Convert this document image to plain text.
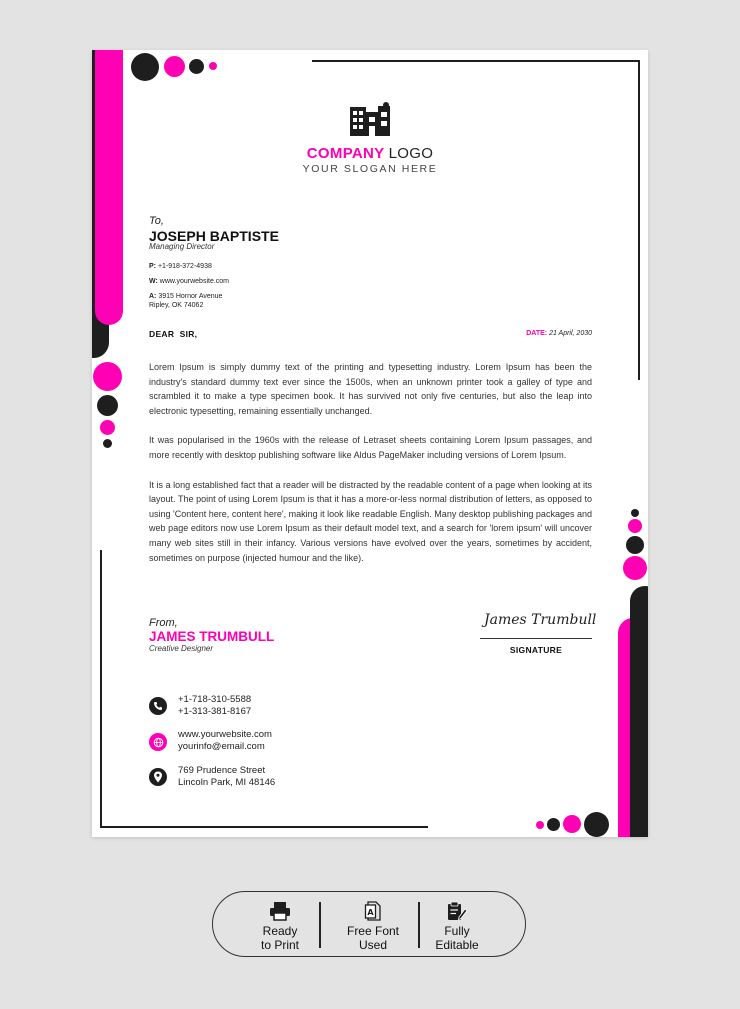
COMPANY LOGO
YOUR SLOGAN HERE
To,
JOSEPH BAPTISTE
Managing Director
P: +1-918-372-4938
W: www.yourwebsite.com
A: 3915 Hornor Avenue
Ripley, OK 74062
DEAR  SIR,	DATE: 21 April, 2030

Lorem Ipsum is simply dummy text of the printing and typesetting industry. Lorem Ipsum has been the industry's standard dummy text ever since the 1500s, when an unknown printer took a galley of type and scrambled it to make a type specimen book. It has survived not only five centuries, but also the leap into electronic typesetting, remaining essentially unchanged.

It was popularised in the 1960s with the release of Letraset sheets containing Lorem Ipsum passages, and more recently with desktop publishing software like Aldus PageMaker including versions of Lorem Ipsum.

It is a long established fact that a reader will be distracted by the readable content of a page when looking at its layout. The point of using Lorem Ipsum is that it has a more-or-less normal distribution of letters, as opposed to using 'Content here, content here', making it look like readable English. Many desktop publishing packages and web page editors now use Lorem Ipsum as their default model text, and a search for 'lorem ipsum' will uncover many web sites still in their infancy. Various versions have evolved over the years, sometimes by accident, sometimes on purpose (injected humour and the like).

From,
JAMES TRUMBULL
Creative Designer
James Trumbull
SIGNATURE
+1-718-310-5588
+1-313-381-8167
www.yourwebsite.com
yourinfo@email.com
769 Prudence Street
Lincoln Park, MI 48146
Ready
to Print
A
Free Font
Used
Fully
Editable
